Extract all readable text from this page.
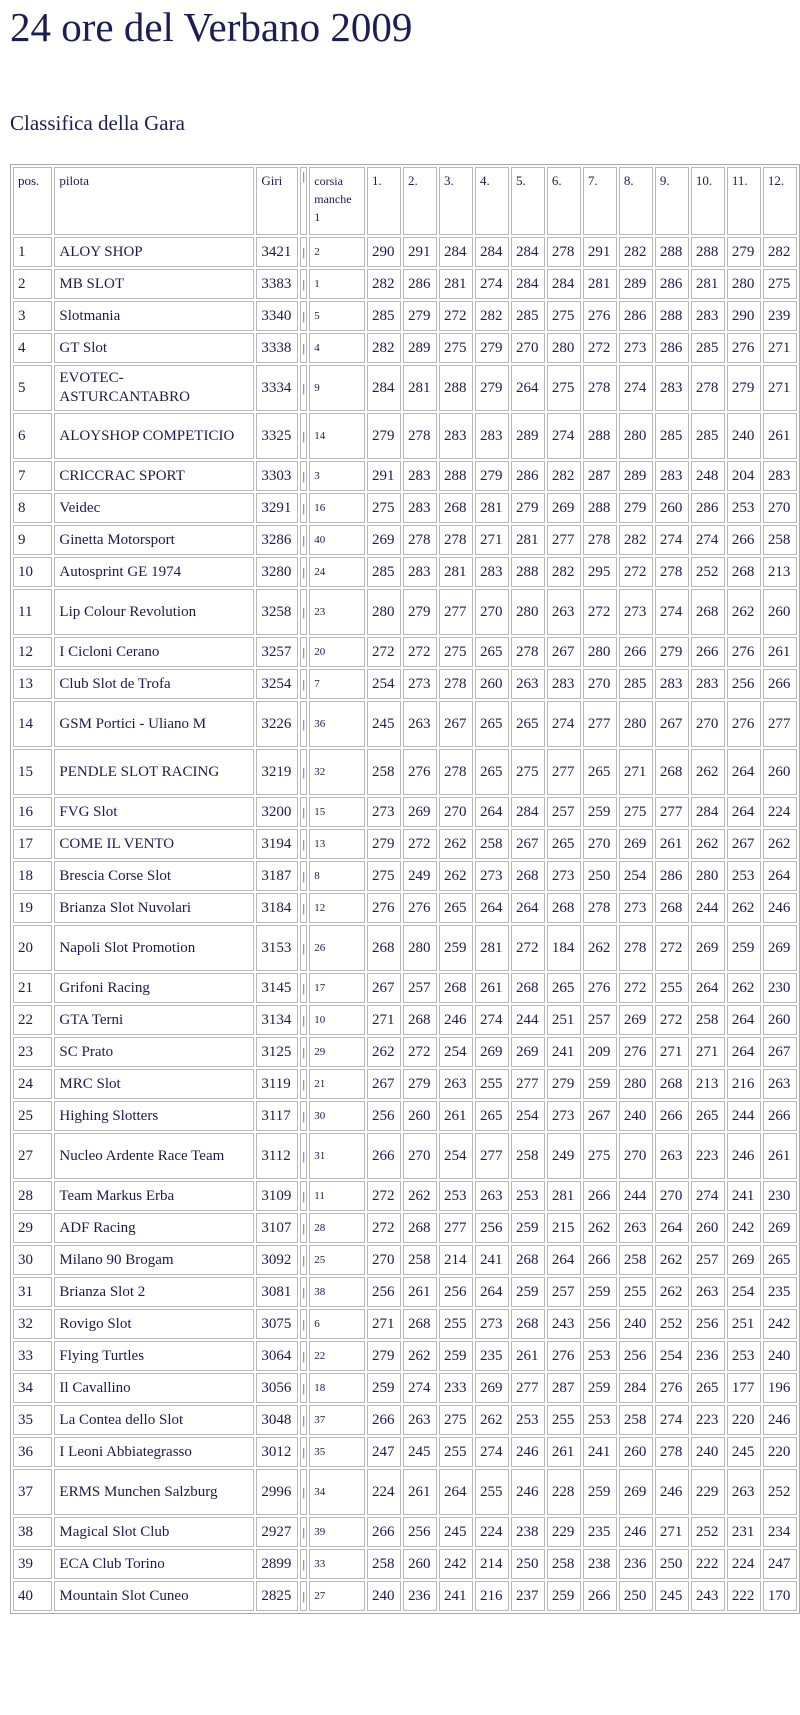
24 ore del Verbano 2009
Classifica della Gara
pos.	pilota	Giri	|	corsia manche 1	1.	2.	3.	4.	5.	6.	7.	8.	9.	10.	11.	12.
1	ALOY SHOP	3421	|	2	290	291	284	284	284	278	291	282	288	288	279	282
2	MB SLOT	3383	|	1	282	286	281	274	284	284	281	289	286	281	280	275
3	Slotmania	3340	|	5	285	279	272	282	285	275	276	286	288	283	290	239
4	GT Slot	3338	|	4	282	289	275	279	270	280	272	273	286	285	276	271
5	EVOTEC-ASTURCANTABRO	3334	|	9	284	281	288	279	264	275	278	274	283	278	279	271
6	ALOYSHOP COMPETICIO	3325	|	14	279	278	283	283	289	274	288	280	285	285	240	261
7	CRICCRAC SPORT	3303	|	3	291	283	288	279	286	282	287	289	283	248	204	283
8	Veidec	3291	|	16	275	283	268	281	279	269	288	279	260	286	253	270
9	Ginetta Motorsport	3286	|	40	269	278	278	271	281	277	278	282	274	274	266	258
10	Autosprint GE 1974	3280	|	24	285	283	281	283	288	282	295	272	278	252	268	213
11	Lip Colour Revolution	3258	|	23	280	279	277	270	280	263	272	273	274	268	262	260
12	I Cicloni Cerano	3257	|	20	272	272	275	265	278	267	280	266	279	266	276	261
13	Club Slot de Trofa	3254	|	7	254	273	278	260	263	283	270	285	283	283	256	266
14	GSM Portici - Uliano M	3226	|	36	245	263	267	265	265	274	277	280	267	270	276	277
15	PENDLE SLOT RACING	3219	|	32	258	276	278	265	275	277	265	271	268	262	264	260
16	FVG Slot	3200	|	15	273	269	270	264	284	257	259	275	277	284	264	224
17	COME IL VENTO	3194	|	13	279	272	262	258	267	265	270	269	261	262	267	262
18	Brescia Corse Slot	3187	|	8	275	249	262	273	268	273	250	254	286	280	253	264
19	Brianza Slot Nuvolari	3184	|	12	276	276	265	264	264	268	278	273	268	244	262	246
20	Napoli Slot Promotion	3153	|	26	268	280	259	281	272	184	262	278	272	269	259	269
21	Grifoni Racing	3145	|	17	267	257	268	261	268	265	276	272	255	264	262	230
22	GTA Terni	3134	|	10	271	268	246	274	244	251	257	269	272	258	264	260
23	SC Prato	3125	|	29	262	272	254	269	269	241	209	276	271	271	264	267
24	MRC Slot	3119	|	21	267	279	263	255	277	279	259	280	268	213	216	263
25	Highing Slotters	3117	|	30	256	260	261	265	254	273	267	240	266	265	244	266
27	Nucleo Ardente Race Team	3112	|	31	266	270	254	277	258	249	275	270	263	223	246	261
28	Team Markus Erba	3109	|	11	272	262	253	263	253	281	266	244	270	274	241	230
29	ADF Racing	3107	|	28	272	268	277	256	259	215	262	263	264	260	242	269
30	Milano 90 Brogam	3092	|	25	270	258	214	241	268	264	266	258	262	257	269	265
31	Brianza Slot 2	3081	|	38	256	261	256	264	259	257	259	255	262	263	254	235
32	Rovigo Slot	3075	|	6	271	268	255	273	268	243	256	240	252	256	251	242
33	Flying Turtles	3064	|	22	279	262	259	235	261	276	253	256	254	236	253	240
34	Il Cavallino	3056	|	18	259	274	233	269	277	287	259	284	276	265	177	196
35	La Contea dello Slot	3048	|	37	266	263	275	262	253	255	253	258	274	223	220	246
36	I Leoni Abbiategrasso	3012	|	35	247	245	255	274	246	261	241	260	278	240	245	220
37	ERMS Munchen Salzburg	2996	|	34	224	261	264	255	246	228	259	269	246	229	263	252
38	Magical Slot Club	2927	|	39	266	256	245	224	238	229	235	246	271	252	231	234
39	ECA Club Torino	2899	|	33	258	260	242	214	250	258	238	236	250	222	224	247
40	Mountain Slot Cuneo	2825	|	27	240	236	241	216	237	259	266	250	245	243	222	170
